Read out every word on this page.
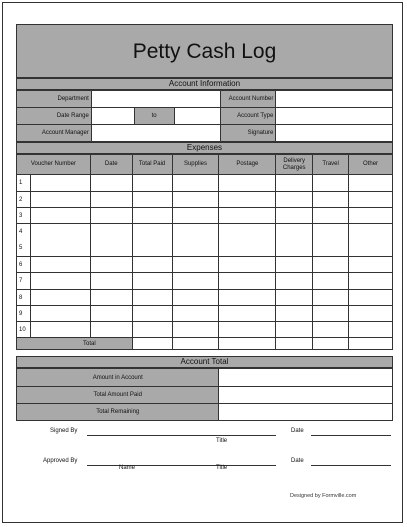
Petty Cash Log
Account Information
Department				Account Number	
Date Range		to		Account Type	
Account Manager				Signature	
Expenses
Voucher Number		Date	Total Paid	Supplies	Postage	Delivery Charges	Travel	Other
1								
2								
3								
4								
5								
6								
7								
8								
9								
10								
Total								
Account Total
Amount in Account	
Total Amount Paid	
Total Remaining	
Signed By
Title
Date
Approved By
Name	Title
Date
Designed by Formville.com
